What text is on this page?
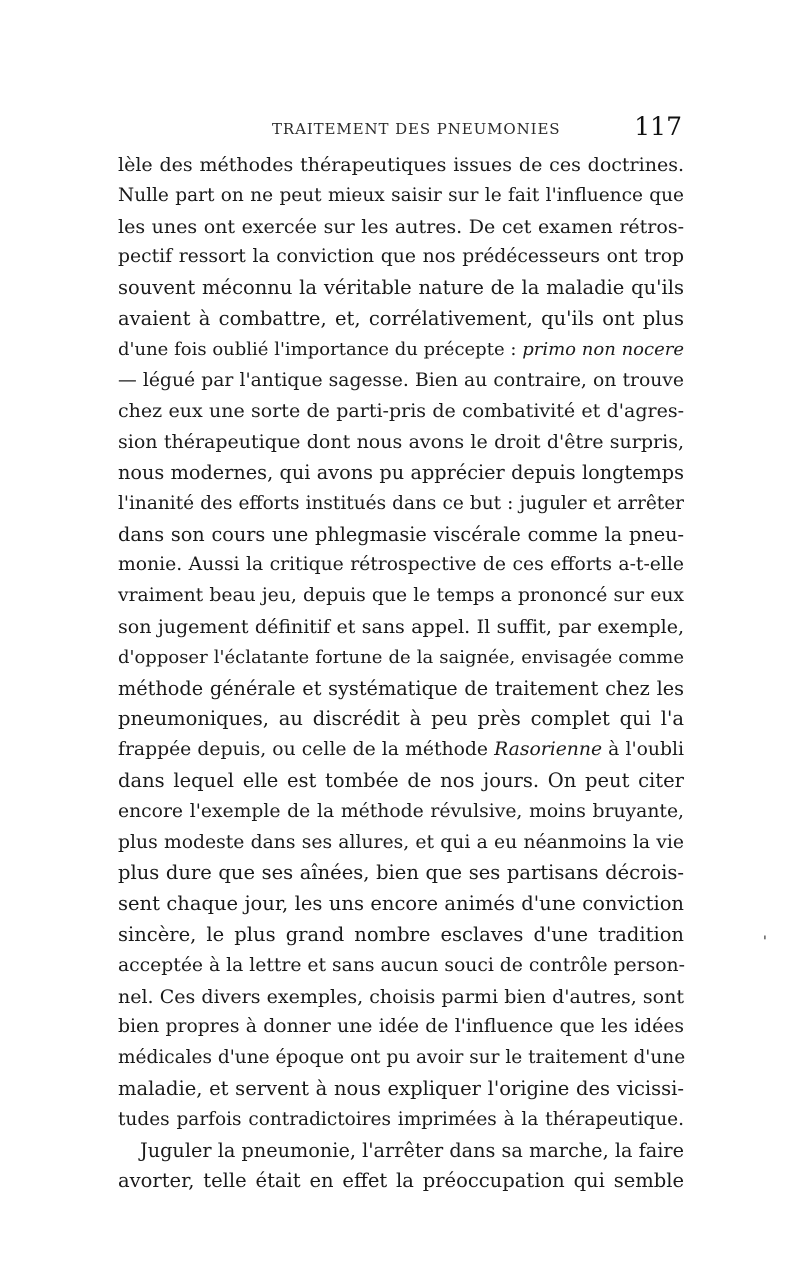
TRAITEMENT DES PNEUMONIES	117
lèle des méthodes thérapeutiques issues de ces doctrines.
Nulle part on ne peut mieux saisir sur le fait l'influence que
les unes ont exercée sur les autres. De cet examen rétros-
pectif ressort la conviction que nos prédécesseurs ont trop
souvent méconnu la véritable nature de la maladie qu'ils
avaient à combattre, et, corrélativement, qu'ils ont plus
d'une fois oublié l'importance du précepte : primo non nocere
— légué par l'antique sagesse. Bien au contraire, on trouve
chez eux une sorte de parti-pris de combativité et d'agres-
sion thérapeutique dont nous avons le droit d'être surpris,
nous modernes, qui avons pu apprécier depuis longtemps
l'inanité des efforts institués dans ce but : juguler et arrêter
dans son cours une phlegmasie viscérale comme la pneu-
monie. Aussi la critique rétrospective de ces efforts a-t-elle
vraiment beau jeu, depuis que le temps a prononcé sur eux
son jugement définitif et sans appel. Il suffit, par exemple,
d'opposer l'éclatante fortune de la saignée, envisagée comme
méthode générale et systématique de traitement chez les
pneumoniques, au discrédit à peu près complet qui l'a
frappée depuis, ou celle de la méthode Rasorienne à l'oubli
dans lequel elle est tombée de nos jours. On peut citer
encore l'exemple de la méthode révulsive, moins bruyante,
plus modeste dans ses allures, et qui a eu néanmoins la vie
plus dure que ses aînées, bien que ses partisans décrois-
sent chaque jour, les uns encore animés d'une conviction
sincère, le plus grand nombre esclaves d'une tradition
acceptée à la lettre et sans aucun souci de contrôle person-
nel. Ces divers exemples, choisis parmi bien d'autres, sont
bien propres à donner une idée de l'influence que les idées
médicales d'une époque ont pu avoir sur le traitement d'une
maladie, et servent à nous expliquer l'origine des vicissi-
tudes parfois contradictoires imprimées à la thérapeutique.
Juguler la pneumonie, l'arrêter dans sa marche, la faire
avorter, telle était en effet la préoccupation qui semble
'
